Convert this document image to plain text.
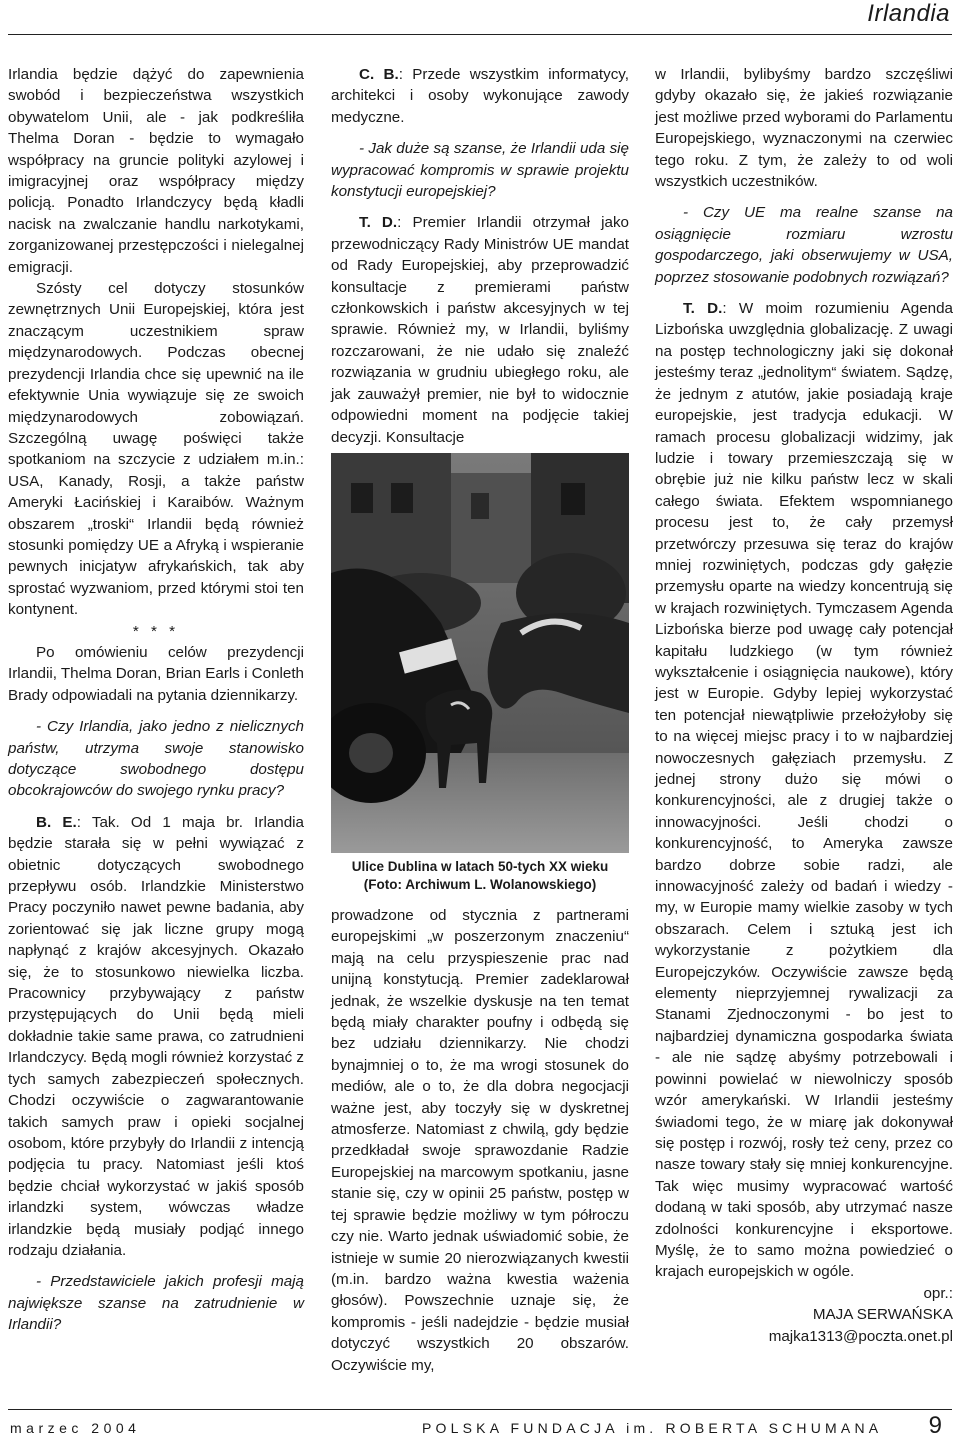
Irlandia

Irlandia będzie dążyć do zapewnienia swobód i bezpieczeństwa wszystkich obywatelom Unii, ale - jak podkreśliła Thelma Doran - będzie to wymagało współpracy na gruncie polityki azylowej i imigracyjnej oraz współpracy między policją. Ponadto Irlandczycy będą kładli nacisk na zwalczanie handlu narkotykami, zorganizowanej przestępczości i nielegalnej emigracji.

Szósty cel dotyczy stosunków zewnętrznych Unii Europejskiej, która jest znaczącym uczestnikiem spraw międzynarodowych. Podczas obecnej prezydencji Irlandia chce się upewnić na ile efektywnie Unia wywiązuje się ze swoich międzynarodowych zobowiązań. Szczególną uwagę poświęci także spotkaniom na szczycie z udziałem m.in.: USA, Kanady, Rosji, a także państw Ameryki Łacińskiej i Karaibów. Ważnym obszarem „troski“ Irlandii będą również stosunki pomiędzy UE a Afryką i wspieranie pewnych inicjatyw afrykańskich, tak aby sprostać wyzwaniom, przed którymi stoi ten kontynent.

* * *

Po omówieniu celów prezydencji Irlandii, Thelma Doran, Brian Earls i Conleth Brady odpowiadali na pytania dziennikarzy.

- Czy Irlandia, jako jedno z nielicznych państw, utrzyma swoje stanowisko dotyczące swobodnego dostępu obcokrajowców do swojego rynku pracy?

B. E.: Tak. Od 1 maja br. Irlandia będzie starała się w pełni wywiązać z obietnic dotyczących swobodnego przepływu osób. Irlandzkie Ministerstwo Pracy poczyniło nawet pewne badania, aby zorientować się jak liczne grupy mogą napłynąć z krajów akcesyjnych. Okazało się, że to stosunkowo niewielka liczba. Pracownicy przybywający z państw przystępujących do Unii będą mieli dokładnie takie same prawa, co zatrudnieni Irlandczycy. Będą mogli również korzystać z tych samych zabezpieczeń społecznych. Chodzi oczywiście o zagwarantowanie takich samych praw i opieki socjalnej osobom, które przybyły do Irlandii z intencją podjęcia tu pracy. Natomiast jeśli ktoś będzie chciał wykorzystać w jakiś sposób irlandzki system, wówczas władze irlandzkie będą musiały podjąć innego rodzaju działania.

- Przedstawiciele jakich profesji mają największe szanse na zatrudnienie w Irlandii?

C. B.: Przede wszystkim informatycy, architekci i osoby wykonujące zawody medyczne.

- Jak duże są szanse, że Irlandii uda się wypracować kompromis w sprawie projektu konstytucji europejskiej?

T. D.: Premier Irlandii otrzymał jako przewodniczący Rady Ministrów UE mandat od Rady Europejskiej, aby przeprowadzić konsultacje z premierami państw członkowskich i państw akcesyjnych w tej sprawie. Również my, w Irlandii, byliśmy rozczarowani, że nie udało się znaleźć rozwiązania w grudniu ubiegłego roku, ale jak zauważył premier, nie był to widocznie odpowiedni moment na podjęcie takiej decyzji. Konsultacje

Ulice Dublina w latach 50-tych XX wieku (Foto: Archiwum L. Wolanowskiego)

prowadzone od stycznia z partnerami europejskimi „w poszerzonym znaczeniu“ mają na celu przyspieszenie prac nad unijną konstytucją. Premier zadeklarował jednak, że wszelkie dyskusje na ten temat będą miały charakter poufny i odbędą się bez udziału dziennikarzy. Nie chodzi bynajmniej o to, że ma wrogi stosunek do mediów, ale o to, że dla dobra negocjacji ważne jest, aby toczyły się w dyskretnej atmosferze. Natomiast z chwilą, gdy będzie przedkładał swoje sprawozdanie Radzie Europejskiej na marcowym spotkaniu, jasne stanie się, czy w opinii 25 państw, postęp w tej sprawie będzie możliwy w tym półroczu czy nie. Warto jednak uświadomić sobie, że istnieje w sumie 20 nierozwiązanych kwestii (m.in. bardzo ważna kwestia ważenia głosów). Powszechnie uznaje się, że kompromis - jeśli nadejdzie - będzie musiał dotyczyć wszystkich 20 obszarów. Oczywiście my,

w Irlandii, bylibyśmy bardzo szczęśliwi gdyby okazało się, że jakieś rozwiązanie jest możliwe przed wyborami do Parlamentu Europejskiego, wyznaczonymi na czerwiec tego roku. Z tym, że zależy to od woli wszystkich uczestników.

- Czy UE ma realne szanse na osiągnięcie rozmiaru wzrostu gospodarczego, jaki obserwujemy w USA, poprzez stosowanie podobnych rozwiązań?

T. D.: W moim rozumieniu Agenda Lizbońska uwzględnia globalizację. Z uwagi na postęp technologiczny jaki się dokonał jesteśmy teraz „jednolitym“ światem. Sądzę, że jednym z atutów, jakie posiadają kraje europejskie, jest tradycja edukacji. W ramach procesu globalizacji widzimy, jak ludzie i towary przemieszczają się w obrębie już nie kilku państw lecz w skali całego świata. Efektem wspomnianego procesu jest to, że cały przemysł przetwórczy przesuwa się teraz do krajów mniej rozwiniętych, podczas gdy gałęzie przemysłu oparte na wiedzy koncentrują się w krajach rozwiniętych. Tymczasem Agenda Lizbońska bierze pod uwagę cały potencjał kapitału ludzkiego (w tym również wykształcenie i osiągnięcia naukowe), który jest w Europie. Gdyby lepiej wykorzystać ten potencjał niewątpliwie przełożyłoby się to na więcej miejsc pracy i to w najbardziej nowoczesnych gałęziach przemysłu. Z jednej strony dużo się mówi o konkurencyjności, ale z drugiej także o innowacyjności. Jeśli chodzi o konkurencyjność, to Ameryka zawsze bardzo dobrze sobie radzi, ale innowacyjność zależy od badań i wiedzy - my, w Europie mamy wielkie zasoby w tych obszarach. Celem i sztuką jest ich wykorzystanie z pożytkiem dla Europejczyków. Oczywiście zawsze będą elementy nieprzyjemnej rywalizacji za Stanami Zjednoczonymi - bo jest to najbardziej dynamiczna gospodarka świata - ale nie sądzę abyśmy potrzebowali i powinni powielać w niewolniczy sposób wzór amerykański. W Irlandii jesteśmy świadomi tego, że w miarę jak dokonywał się postęp i rozwój, rosły też ceny, przez co nasze towary stały się mniej konkurencyjne. Tak więc musimy wypracować wartość dodaną w taki sposób, aby utrzymać nasze zdolności konkurencyjne i eksportowe. Myślę, że to samo można powiedzieć o krajach europejskich w ogóle.

opr.:

MAJA SERWAŃSKA

majka1313@poczta.onet.pl

marzec 2004	POLSKA FUNDACJA im. ROBERTA SCHUMANA 9
